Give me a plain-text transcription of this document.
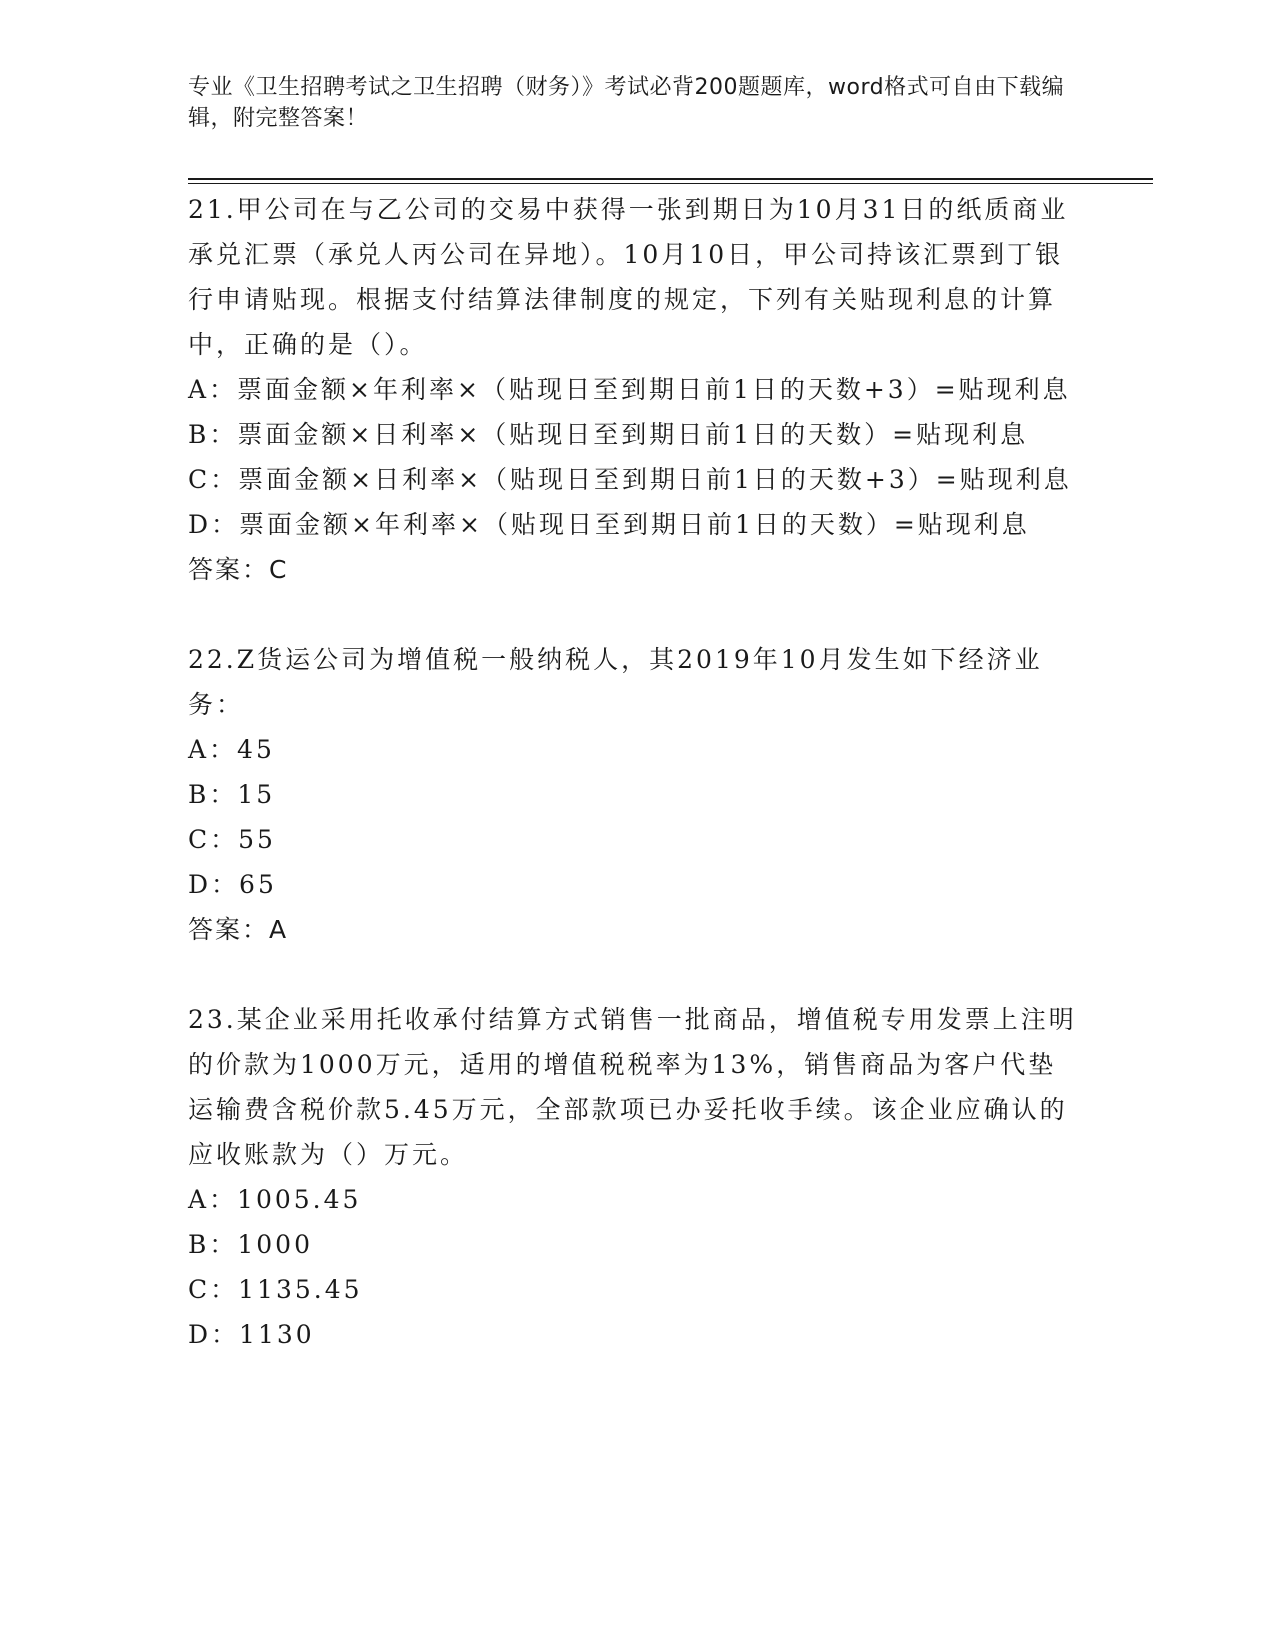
专业《卫生招聘考试之卫生招聘（财务）》考试必背200题题库，word格式可自由下载编辑，附完整答案！

21.甲公司在与乙公司的交易中获得一张到期日为10月31日的纸质商业承兑汇票（承兑人丙公司在异地）。10月10日，甲公司持该汇票到丁银行申请贴现。根据支付结算法律制度的规定，下列有关贴现利息的计算中，正确的是（）。

A：票面金额×年利率×（贴现日至到期日前1日的天数+3）=贴现利息

B：票面金额×日利率×（贴现日至到期日前1日的天数）=贴现利息

C：票面金额×日利率×（贴现日至到期日前1日的天数+3）=贴现利息

D：票面金额×年利率×（贴现日至到期日前1日的天数）=贴现利息

答案：C

22.Z货运公司为增值税一般纳税人，其2019年10月发生如下经济业务：

A：45

B：15

C：55

D：65

答案：A

23.某企业采用托收承付结算方式销售一批商品，增值税专用发票上注明的价款为1000万元，适用的增值税税率为13%，销售商品为客户代垫运输费含税价款5.45万元，全部款项已办妥托收手续。该企业应确认的应收账款为（）万元。

A：1005.45

B：1000

C：1135.45

D：1130
